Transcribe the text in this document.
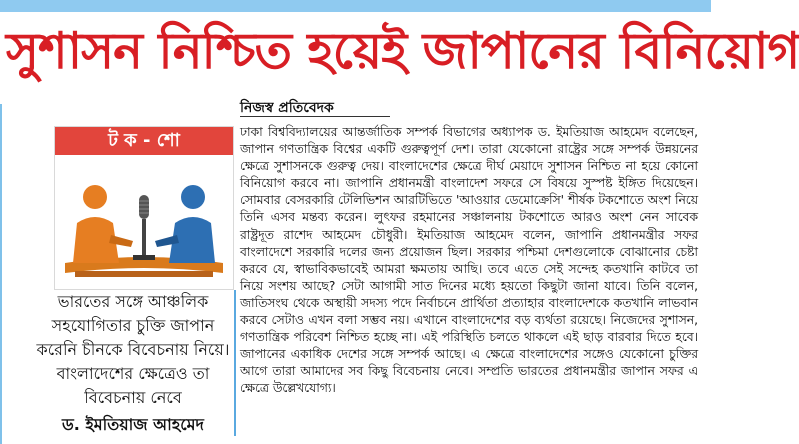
সুশাসন নিশ্চিত হয়েই জাপানের বিনিয়োগ
নিজস্ব প্রতিবেদক
ট ক - শো
ভারতের সঙ্গে আঞ্চলিক সহযোগিতার চুক্তি জাপান করেনি চীনকে বিবেচনায় নিয়ে। বাংলাদেশের ক্ষেত্রেও তা বিবেচনায় নেবে
ড. ইমতিয়াজ আহমেদ
ঢাকা বিশ্ববিদ্যালয়ের আন্তর্জাতিক সম্পর্ক বিভাগের অধ্যাপক ড. ইমতিয়াজ আহমেদ বলেছেন, জাপান গণতান্ত্রিক বিশ্বের একটি গুরুত্বপূর্ণ দেশ। তারা যেকোনো রাষ্ট্রের সঙ্গে সম্পর্ক উন্নয়নের ক্ষেত্রে সুশাসনকে গুরুত্ব দেয়। বাংলাদেশের ক্ষেত্রে দীর্ঘ মেয়াদে সুশাসন নিশ্চিত না হয়ে কোনো বিনিয়োগ করবে না। জাপানি প্রধানমন্ত্রী বাংলাদেশ সফরে সে বিষয়ে সুস্পষ্ট ইঙ্গিত দিয়েছেন। সোমবার বেসরকারি টেলিভিশন আরটিভিতে 'আওয়ার ডেমোক্রেসি' শীর্ষক টকশোতে অংশ নিয়ে তিনি এসব মন্তব্য করেন। লুৎফর রহমানের সঞ্চালনায় টকশোতে আরও অংশ নেন সাবেক রাষ্ট্রদূত রাশেদ আহমেদ চৌধুরী। ইমতিয়াজ আহমেদ বলেন, জাপানি প্রধানমন্ত্রীর সফর বাংলাদেশে সরকারি দলের জন্য প্রয়োজন ছিল। সরকার পশ্চিমা দেশগুলোকে বোঝানোর চেষ্টা করবে যে, স্বাভাবিকভাবেই আমরা ক্ষমতায় আছি। তবে এতে সেই সন্দেহ কতখানি কাটবে তা নিয়ে সংশয় আছে? সেটা আগামী সাত দিনের মধ্যে হয়তো কিছুটা জানা যাবে। তিনি বলেন, জাতিসংঘ থেকে অস্থায়ী সদস্য পদে নির্বাচনে প্রার্থিতা প্রত্যাহার বাংলাদেশকে কতখানি লাভবান করবে সেটাও এখন বলা সম্ভব নয়। এখানে বাংলাদেশের বড় ব্যর্থতা রয়েছে। নিজেদের সুশাসন, গণতান্ত্রিক পরিবেশ নিশ্চিত হচ্ছে না। এই পরিস্থিতি চলতে থাকলে এই ছাড় বারবার দিতে হবে। জাপানের একাধিক দেশের সঙ্গে সম্পর্ক আছে। এ ক্ষেত্রে বাংলাদেশের সঙ্গেও যেকোনো চুক্তির আগে তারা আমাদের সব কিছু বিবেচনায় নেবে। সম্প্রতি ভারতের প্রধানমন্ত্রীর জাপান সফর এ ক্ষেত্রে উল্লেখযোগ্য।
